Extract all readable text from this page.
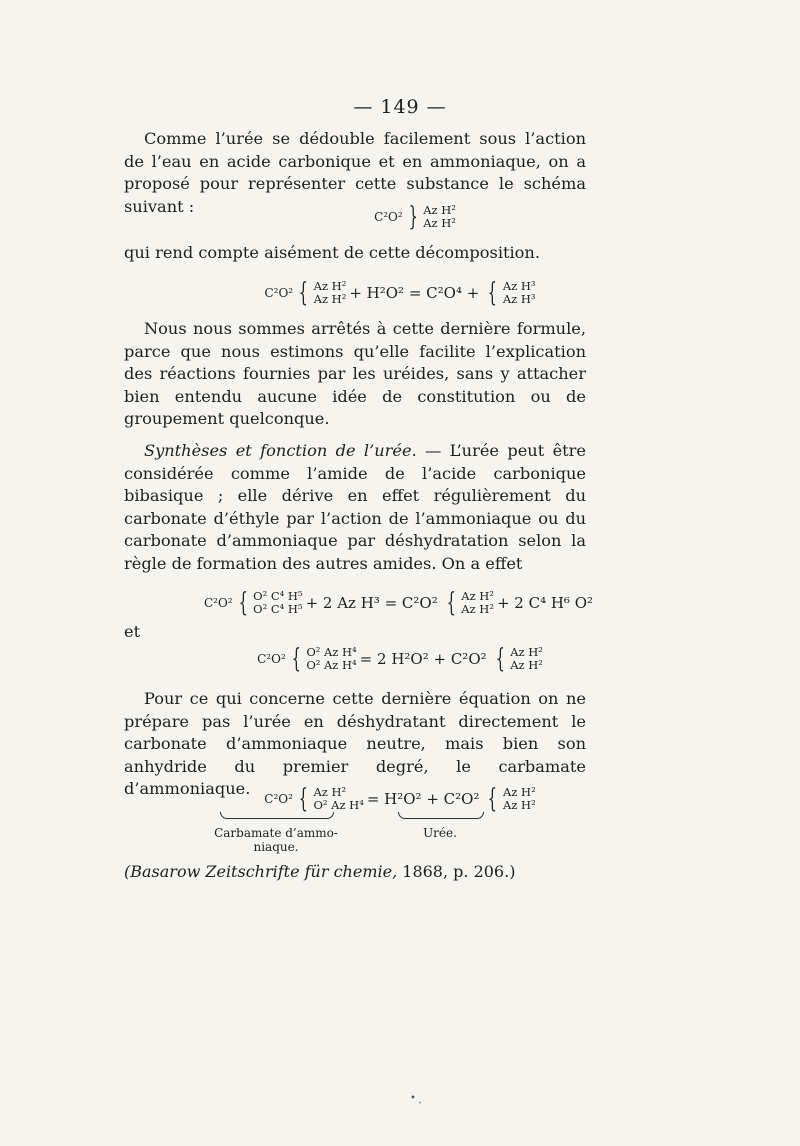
— 149 —
Comme l’urée se dédouble facilement sous l’action de l’eau en acide carbonique et en ammoniaque, on a proposé pour représenter cette substance le schéma suivant :
C²O² } Az H²
Az H²
qui rend compte aisément de cette décomposition.
C²O² { Az H²
Az H² + H²O² = C²O⁴ + { Az H³
Az H³
Nous nous sommes arrêtés à cette dernière formule, parce que nous estimons qu’elle facilite l’explication des réactions fournies par les uréides, sans y attacher bien entendu aucune idée de constitution ou de groupement quelconque.
Synthèses et fonction de l’urée. — L’urée peut être considérée comme l’amide de l’acide carbonique bibasique ; elle dérive en effet régulièrement du carbonate d’éthyle par l’action de l’ammoniaque ou du carbonate d’ammoniaque par déshydratation selon la règle de formation des autres amides. On a effet
C²O² { O² C⁴ H⁵
O² C⁴ H⁵ + 2 Az H³ = C²O² { Az H²
Az H² + 2 C⁴ H⁶ O²
et
C²O² { O² Az H⁴
O² Az H⁴ = 2 H²O² + C²O² { Az H²
Az H²
Pour ce qui concerne cette dernière équation on ne prépare pas l’urée en déshydratant directement le carbonate d’ammoniaque neutre, mais bien son anhydride du premier degré, le carbamate d’ammoniaque.
C²O² { Az H²
O² Az H⁴ = H²O² + C²O² { Az H²
Az H²
Carbamate d’ammo-
niaque.
Urée.
(Basarow Zeitschrifte für chemie, 1868, p. 206.)
• ⸼
